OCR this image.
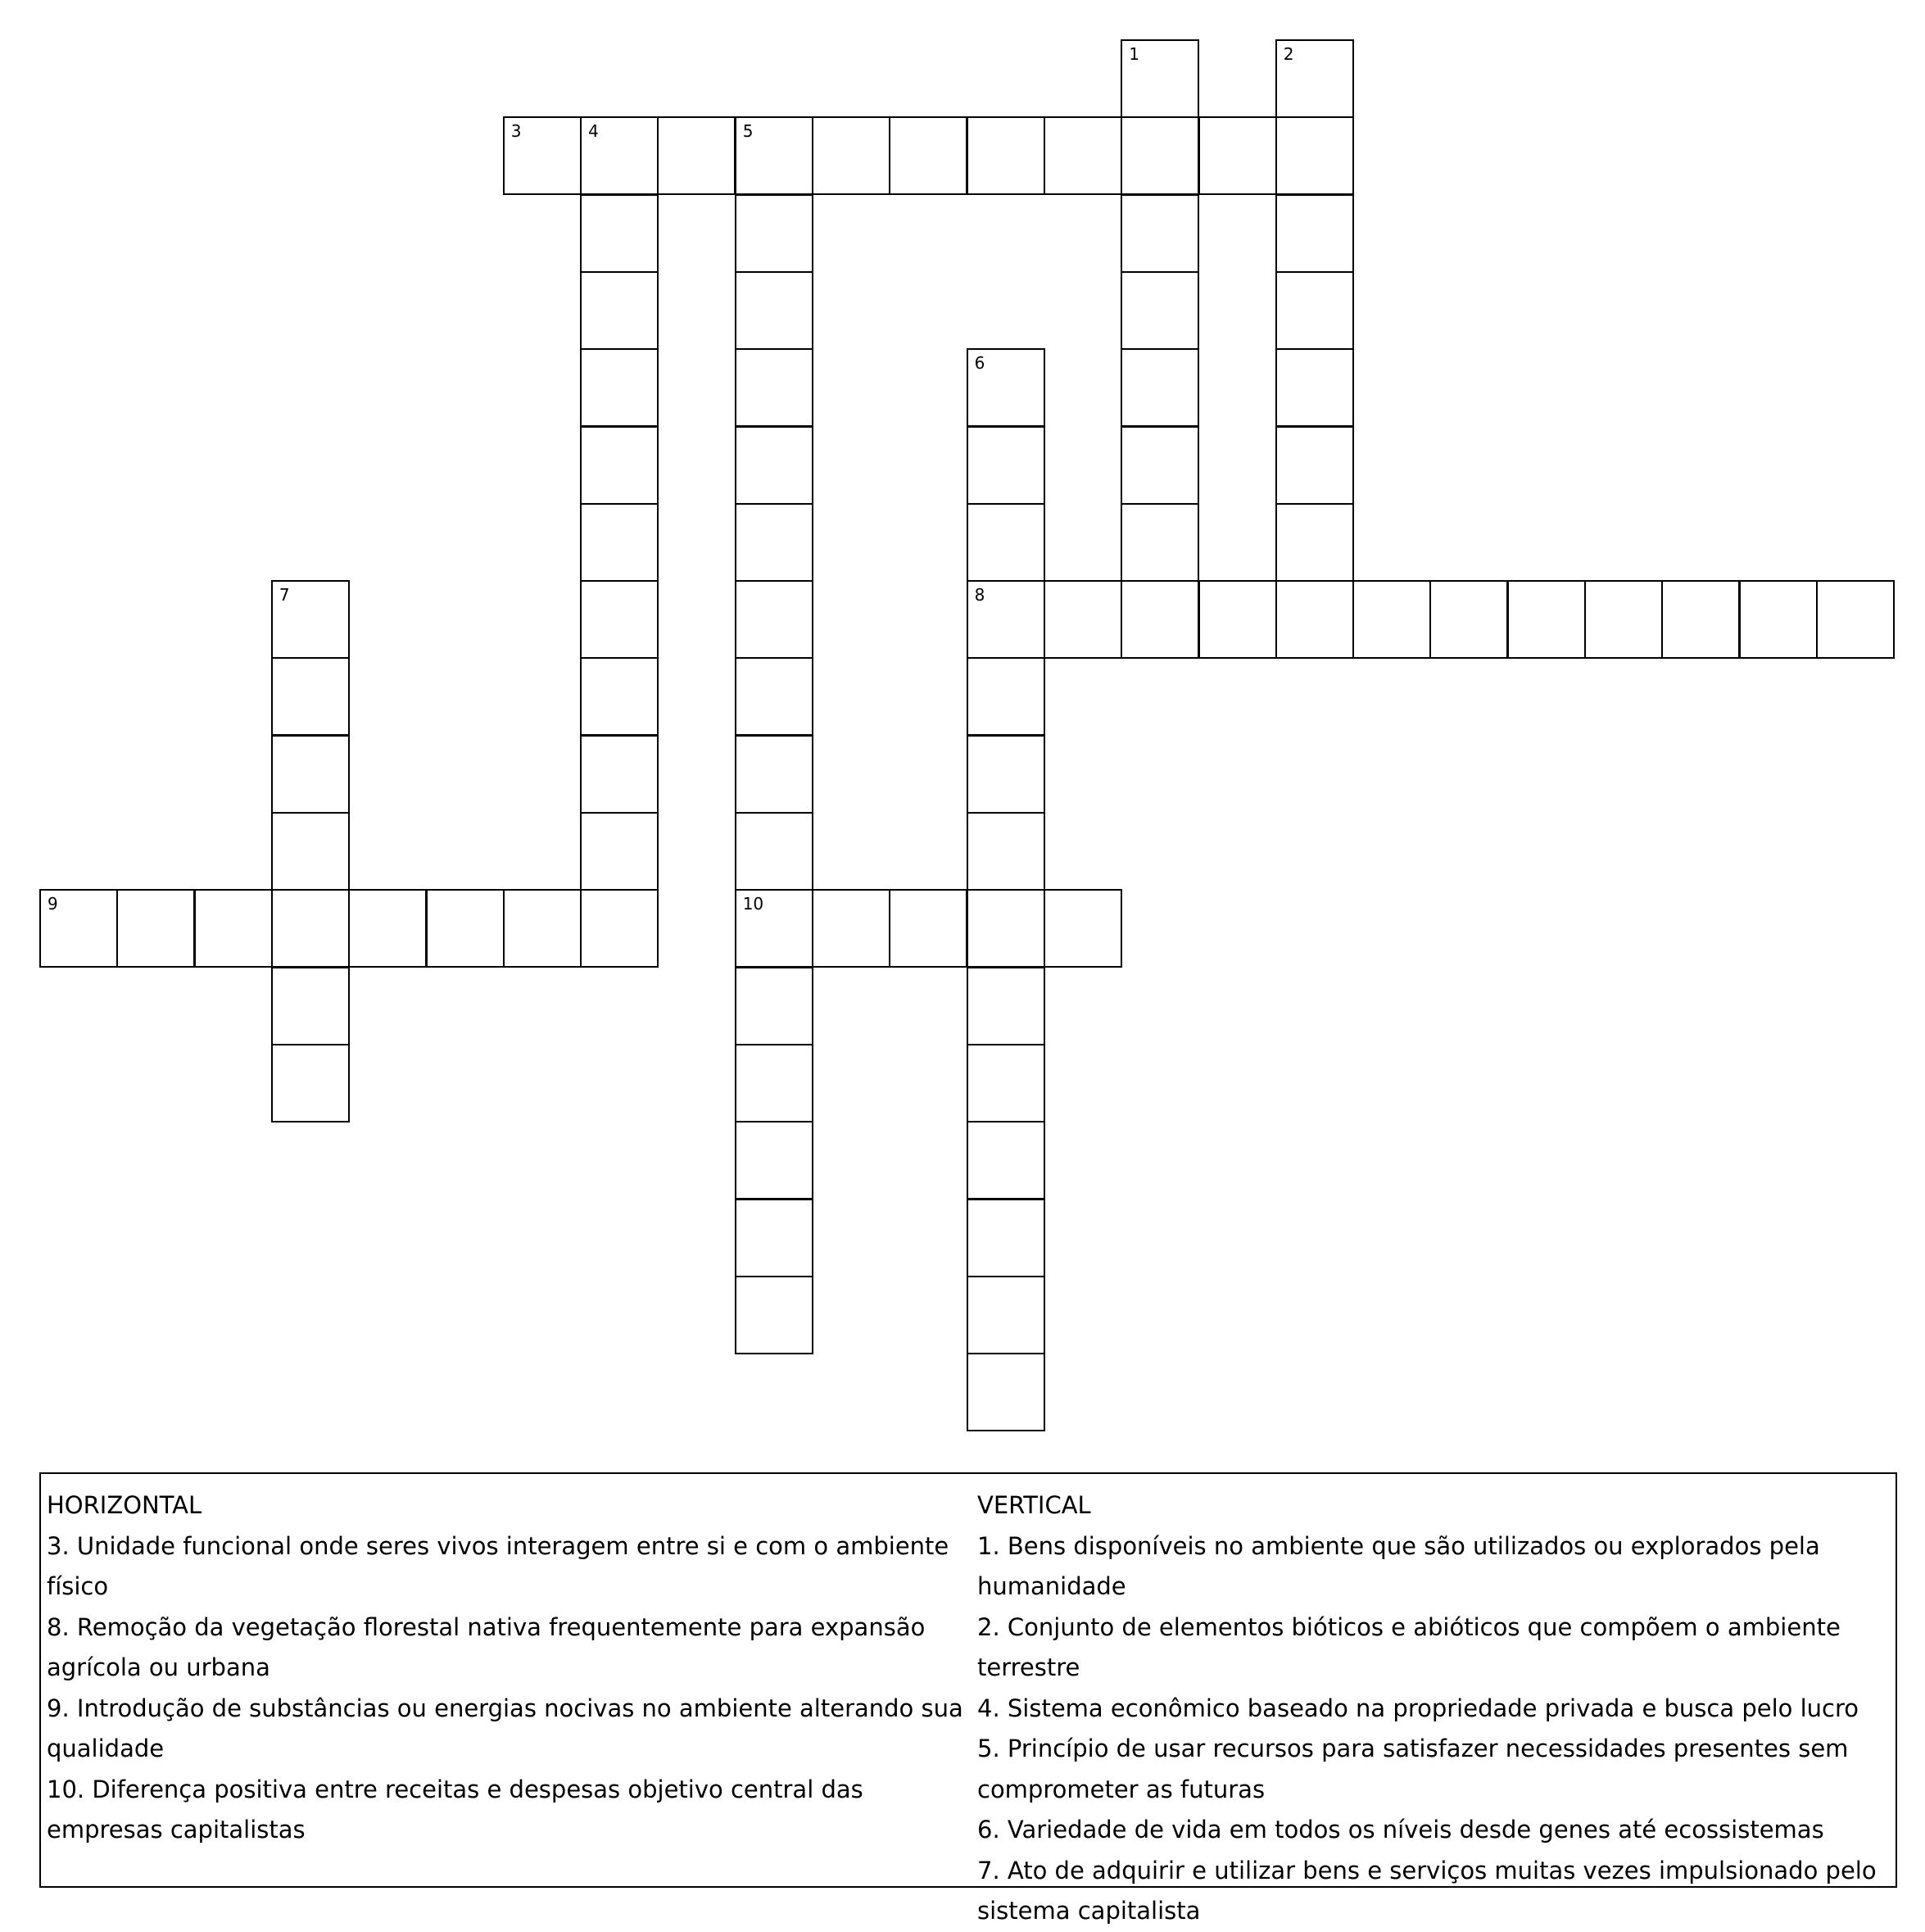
1	2
3	4	5
10
6
8
7
9
HORIZONTAL
3. Unidade funcional onde seres vivos interagem entre si e com o ambiente físico
8. Remoção da vegetação florestal nativa frequentemente para expansão agrícola ou urbana
9. Introdução de substâncias ou energias nocivas no ambiente alterando sua qualidade
10. Diferença positiva entre receitas e despesas objetivo central das empresas capitalistas
VERTICAL
1. Bens disponíveis no ambiente que são utilizados ou explorados pela humanidade
2. Conjunto de elementos bióticos e abióticos que compõem o ambiente terrestre
4. Sistema econômico baseado na propriedade privada e busca pelo lucro
5. Princípio de usar recursos para satisfazer necessidades presentes sem comprometer as futuras
6. Variedade de vida em todos os níveis desde genes até ecossistemas
7. Ato de adquirir e utilizar bens e serviços muitas vezes impulsionado pelo sistema capitalista
